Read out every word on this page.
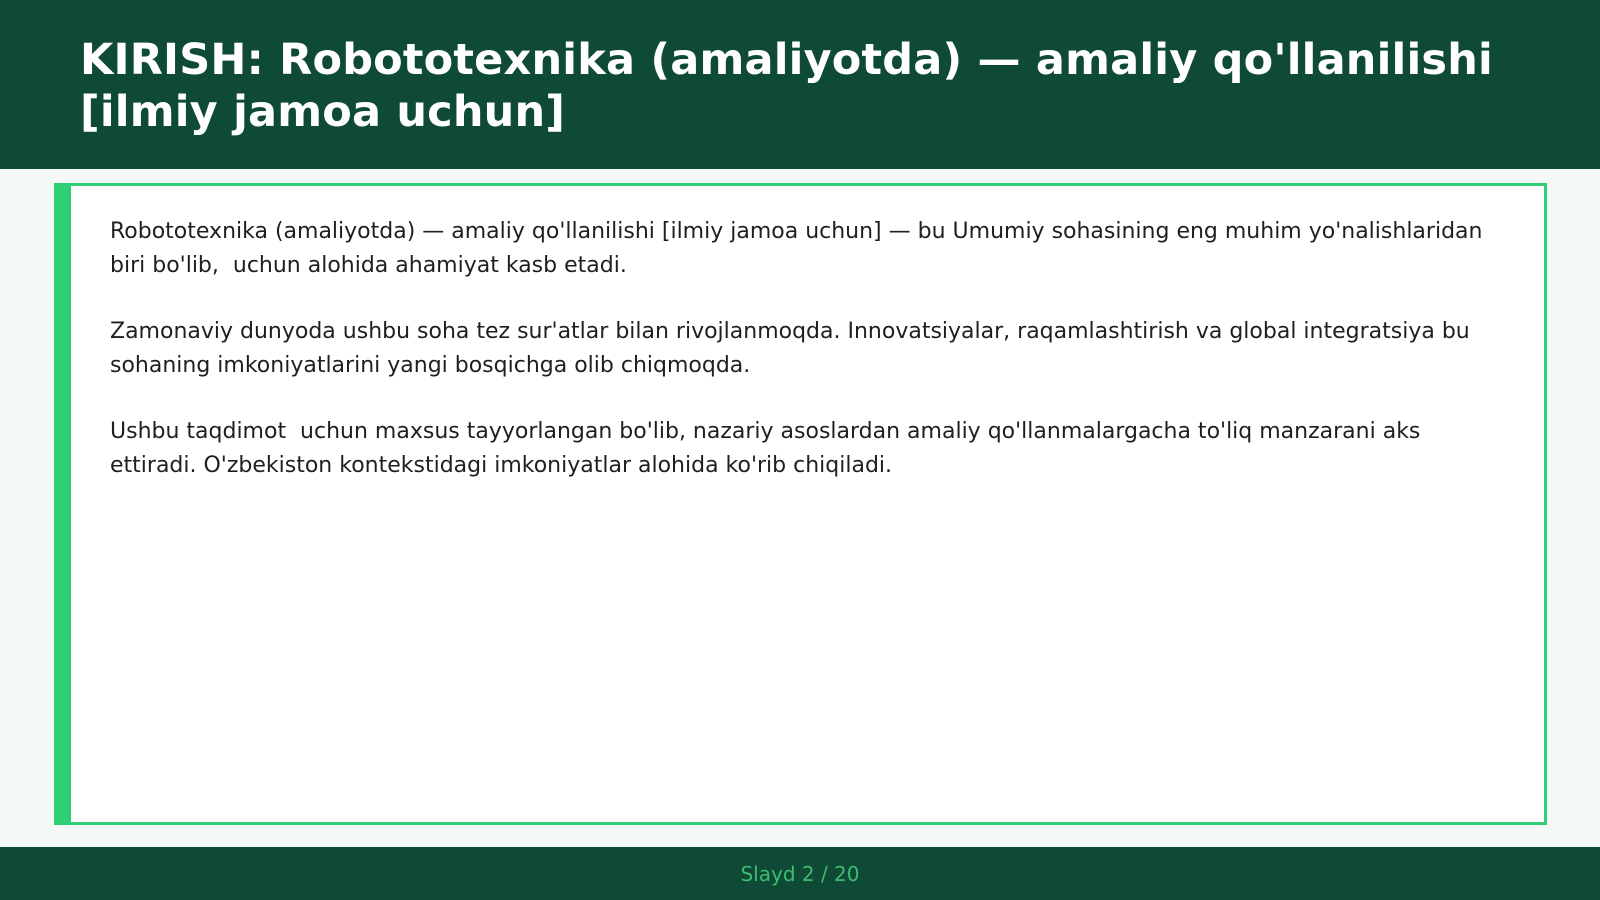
KIRISH: Robototexnika (amaliyotda) — amaliy qo'llanilishi [ilmiy jamoa uchun]

Robototexnika (amaliyotda) — amaliy qo'llanilishi [ilmiy jamoa uchun] — bu Umumiy sohasining eng muhim yo'nalishlaridan biri bo'lib,  uchun alohida ahamiyat kasb etadi.

Zamonaviy dunyoda ushbu soha tez sur'atlar bilan rivojlanmoqda. Innovatsiyalar, raqamlashtirish va global integratsiya bu sohaning imkoniyatlarini yangi bosqichga olib chiqmoqda.

Ushbu taqdimot  uchun maxsus tayyorlangan bo'lib, nazariy asoslardan amaliy qo'llanmalargacha to'liq manzarani aks ettiradi. O'zbekiston kontekstidagi imkoniyatlar alohida ko'rib chiqiladi.

Slayd 2 / 20
